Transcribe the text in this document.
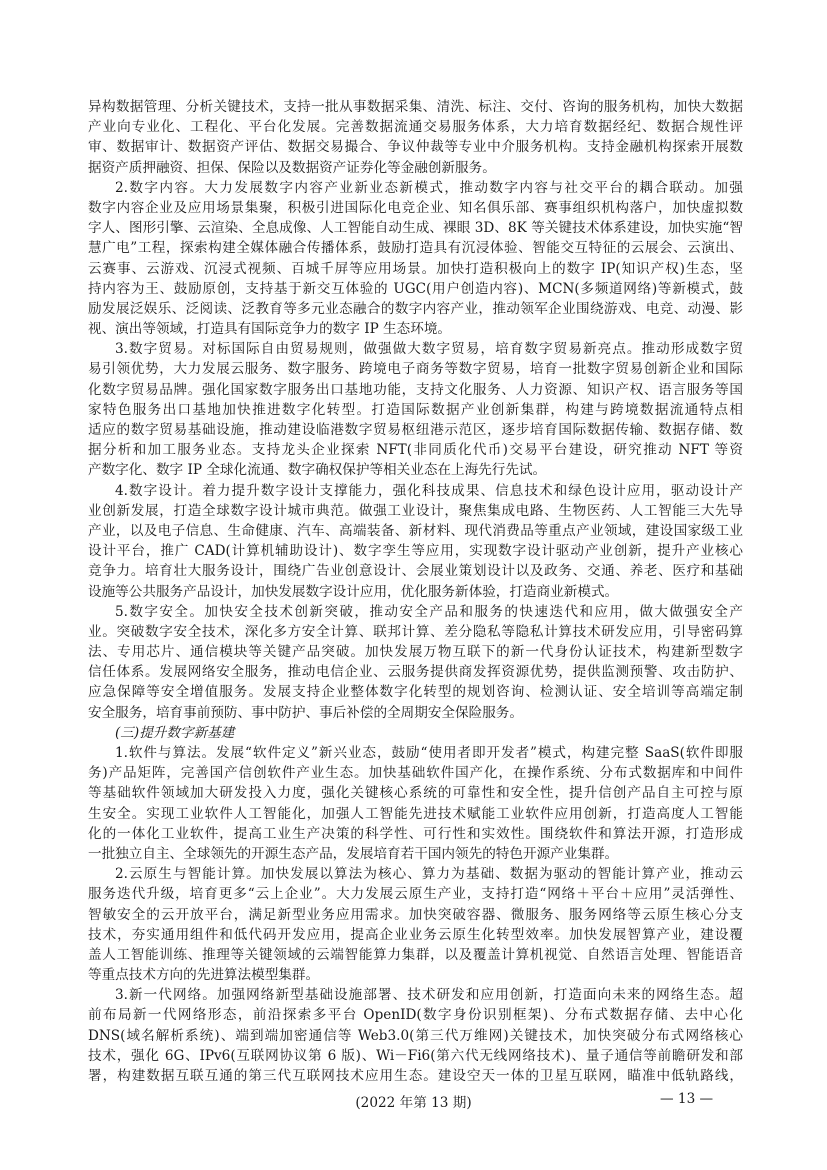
异构数据管理、分析关键技术，支持一批从事数据采集、清洗、标注、交付、咨询的服务机构，加快大数据
产业向专业化、工程化、平台化发展。完善数据流通交易服务体系，大力培育数据经纪、数据合规性评
审、数据审计、数据资产评估、数据交易撮合、争议仲裁等专业中介服务机构。支持金融机构探索开展数
据资产质押融资、担保、保险以及数据资产证券化等金融创新服务。
2.数字内容。大力发展数字内容产业新业态新模式，推动数字内容与社交平台的耦合联动。加强
数字内容企业及应用场景集聚，积极引进国际化电竞企业、知名俱乐部、赛事组织机构落户，加快虚拟数
字人、图形引擎、云渲染、全息成像、人工智能自动生成、裸眼 3D、8K 等关键技术体系建设，加快实施“智
慧广电”工程，探索构建全媒体融合传播体系，鼓励打造具有沉浸体验、智能交互特征的云展会、云演出、
云赛事、云游戏、沉浸式视频、百城千屏等应用场景。加快打造积极向上的数字 IP(知识产权)生态，坚
持内容为王、鼓励原创，支持基于新交互体验的 UGC(用户创造内容)、MCN(多频道网络)等新模式，鼓
励发展泛娱乐、泛阅读、泛教育等多元业态融合的数字内容产业，推动领军企业围绕游戏、电竞、动漫、影
视、演出等领域，打造具有国际竞争力的数字 IP 生态环境。
3.数字贸易。对标国际自由贸易规则，做强做大数字贸易，培育数字贸易新亮点。推动形成数字贸
易引领优势，大力发展云服务、数字服务、跨境电子商务等数字贸易，培育一批数字贸易创新企业和国际
化数字贸易品牌。强化国家数字服务出口基地功能，支持文化服务、人力资源、知识产权、语言服务等国
家特色服务出口基地加快推进数字化转型。打造国际数据产业创新集群，构建与跨境数据流通特点相
适应的数字贸易基础设施，推动建设临港数字贸易枢纽港示范区，逐步培育国际数据传输、数据存储、数
据分析和加工服务业态。支持龙头企业探索 NFT(非同质化代币)交易平台建设，研究推动 NFT 等资
产数字化、数字 IP 全球化流通、数字确权保护等相关业态在上海先行先试。
4.数字设计。着力提升数字设计支撑能力，强化科技成果、信息技术和绿色设计应用，驱动设计产
业创新发展，打造全球数字设计城市典范。做强工业设计，聚焦集成电路、生物医药、人工智能三大先导
产业，以及电子信息、生命健康、汽车、高端装备、新材料、现代消费品等重点产业领域，建设国家级工业
设计平台，推广 CAD(计算机辅助设计)、数字孪生等应用，实现数字设计驱动产业创新，提升产业核心
竞争力。培育壮大服务设计，围绕广告业创意设计、会展业策划设计以及政务、交通、养老、医疗和基础
设施等公共服务产品设计，加快发展数字设计应用，优化服务新体验，打造商业新模式。
5.数字安全。加快安全技术创新突破，推动安全产品和服务的快速迭代和应用，做大做强安全产
业。突破数字安全技术，深化多方安全计算、联邦计算、差分隐私等隐私计算技术研发应用，引导密码算
法、专用芯片、通信模块等关键产品突破。加快发展万物互联下的新一代身份认证技术，构建新型数字
信任体系。发展网络安全服务，推动电信企业、云服务提供商发挥资源优势，提供监测预警、攻击防护、
应急保障等安全增值服务。发展支持企业整体数字化转型的规划咨询、检测认证、安全培训等高端定制
安全服务，培育事前预防、事中防护、事后补偿的全周期安全保险服务。
(三)提升数字新基建
1.软件与算法。发展“软件定义”新兴业态，鼓励“使用者即开发者”模式，构建完整 SaaS(软件即服
务)产品矩阵，完善国产信创软件产业生态。加快基础软件国产化，在操作系统、分布式数据库和中间件
等基础软件领域加大研发投入力度，强化关键核心系统的可靠性和安全性，提升信创产品自主可控与原
生安全。实现工业软件人工智能化，加强人工智能先进技术赋能工业软件应用创新，打造高度人工智能
化的一体化工业软件，提高工业生产决策的科学性、可行性和实效性。围绕软件和算法开源，打造形成
一批独立自主、全球领先的开源生态产品，发展培育若干国内领先的特色开源产业集群。
2.云原生与智能计算。加快发展以算法为核心、算力为基础、数据为驱动的智能计算产业，推动云
服务迭代升级，培育更多“云上企业”。大力发展云原生产业，支持打造“网络＋平台＋应用”灵活弹性、
智敏安全的云开放平台，满足新型业务应用需求。加快突破容器、微服务、服务网络等云原生核心分支
技术，夯实通用组件和低代码开发应用，提高企业业务云原生化转型效率。加快发展智算产业，建设覆
盖人工智能训练、推理等关键领域的云端智能算力集群，以及覆盖计算机视觉、自然语言处理、智能语音
等重点技术方向的先进算法模型集群。
3.新一代网络。加强网络新型基础设施部署、技术研发和应用创新，打造面向未来的网络生态。超
前布局新一代网络形态，前沿探索多平台 OpenID(数字身份识别框架)、分布式数据存储、去中心化
DNS(域名解析系统)、端到端加密通信等 Web3.0(第三代万维网)关键技术，加快突破分布式网络核心
技术，强化 6G、IPv6(互联网协议第 6 版)、Wi－Fi6(第六代无线网络技术)、量子通信等前瞻研发和部
署，构建数据互联互通的第三代互联网技术应用生态。建设空天一体的卫星互联网，瞄准中低轨路线，
(2022 年第 13 期)	— 13 —
